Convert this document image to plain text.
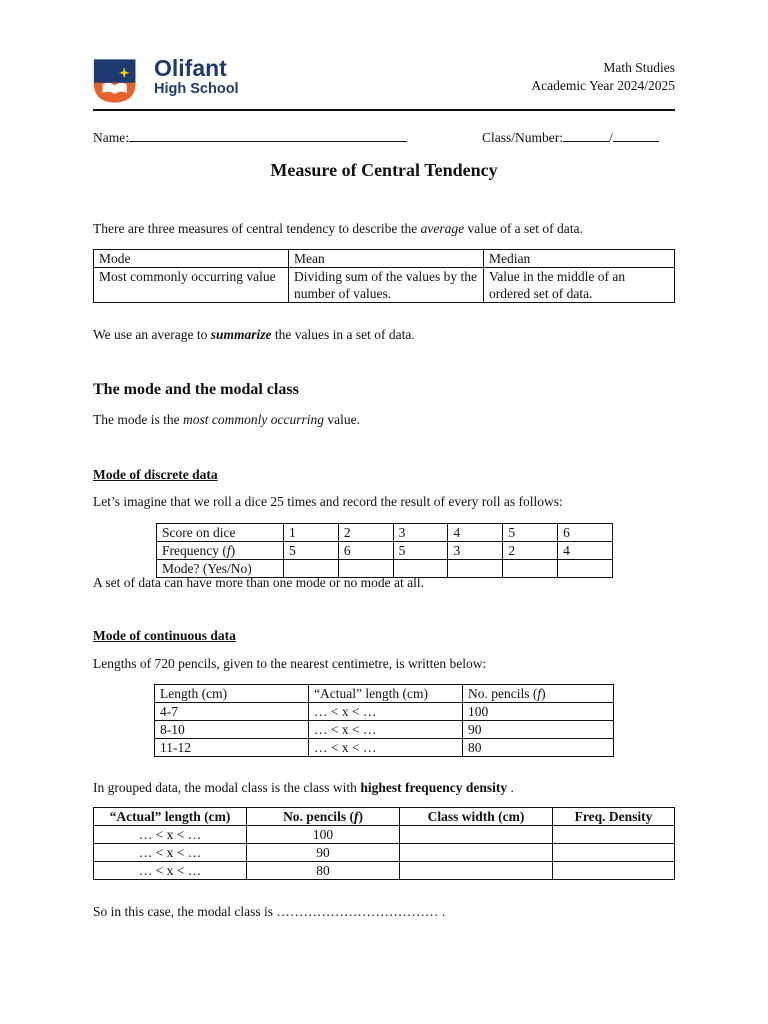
Olifant
High School
Math Studies
Academic Year 2024/2025
Name:	Class/Number:	/
Measure of Central Tendency
There are three measures of central tendency to describe the average value of a set of data.
Mode	Mean	Median
Most commonly occurring value	Dividing sum of the values by the number of values.	Value in the middle of an ordered set of data.
We use an average to summarize the values in a set of data.
The mode and the modal class
The mode is the most commonly occurring value.
Mode of discrete data
Let’s imagine that we roll a dice 25 times and record the result of every roll as follows:
Score on dice	1	2	3	4	5	6
Frequency (f)	5	6	5	3	2	4
Mode? (Yes/No)						
A set of data can have more than one mode or no mode at all.
Mode of continuous data
Lengths of 720 pencils, given to the nearest centimetre, is written below:
Length (cm)	“Actual” length (cm)	No. pencils (f)
4-7	… < x < …	100
8-10	… < x < …	90
11-12	… < x < …	80
In grouped data, the modal class is the class with highest frequency density .
“Actual” length (cm)	No. pencils (f)	Class width (cm)	Freq. Density
… < x < …	100		
… < x < …	90		
… < x < …	80		
So in this case, the modal class is ……………………………… .
